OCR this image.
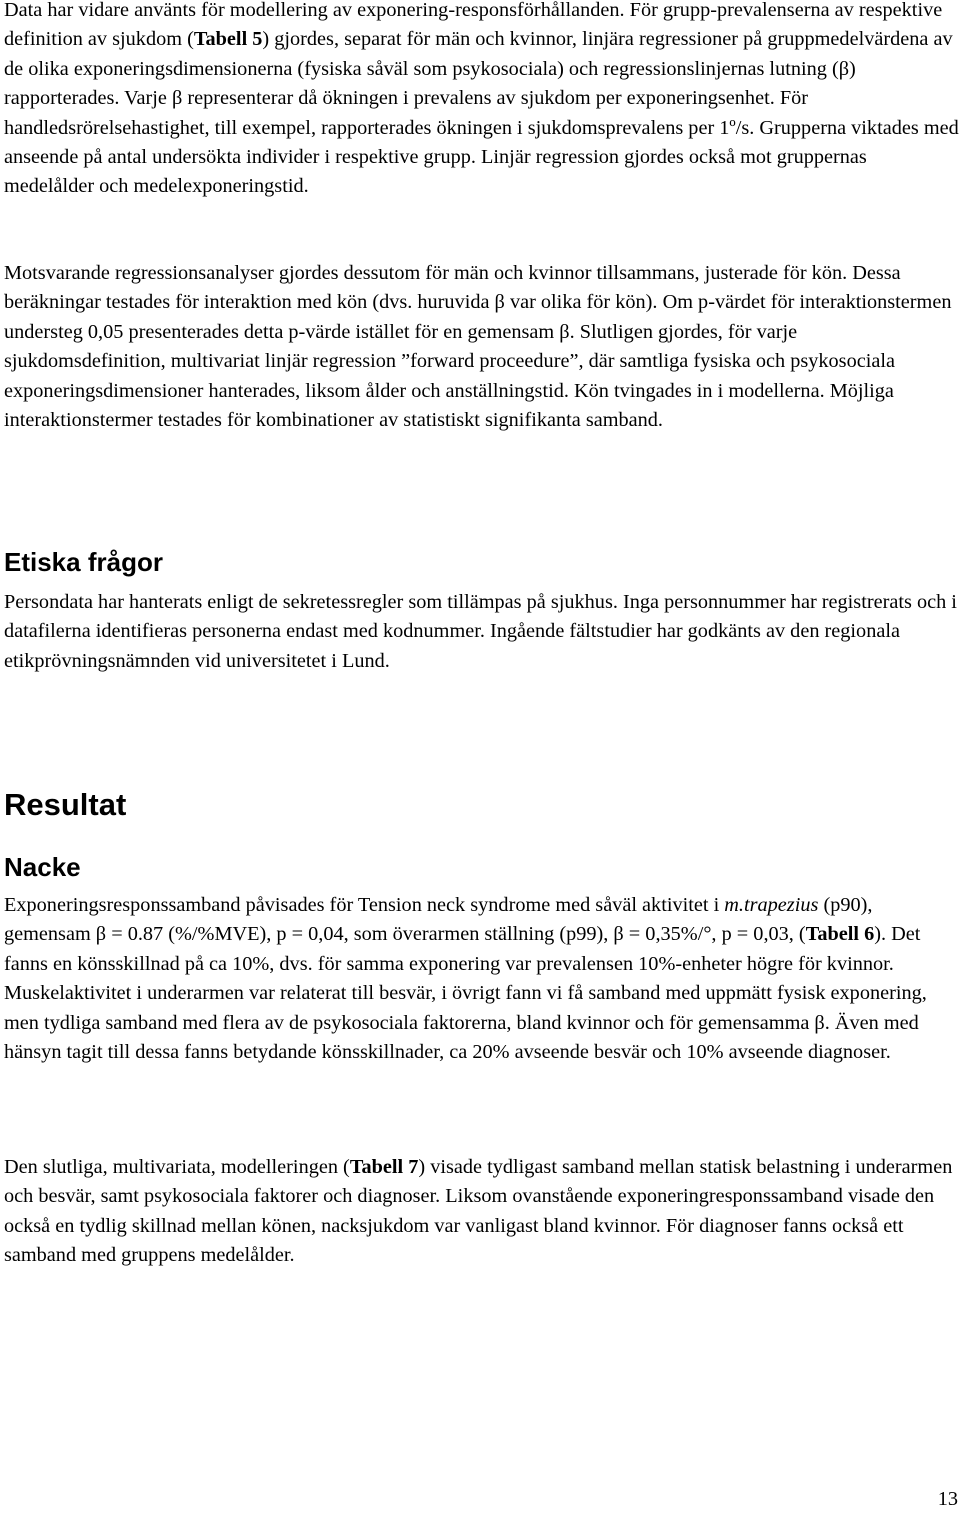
Data har vidare använts för modellering av exponering-responsförhållanden. För grupp-prevalenserna av respektive definition av sjukdom (Tabell 5) gjordes, separat för män och kvinnor, linjära regressioner på gruppmedelvärdena av de olika exponeringsdimensionerna (fysiska såväl som psykosociala) och regressionslinjernas lutning (β) rapporterades. Varje β representerar då ökningen i prevalens av sjukdom per exponeringsenhet. För handledsrörelsehastighet, till exempel, rapporterades ökningen i sjukdomsprevalens per 1º/s. Grupperna viktades med anseende på antal undersökta individer i respektive grupp. Linjär regression gjordes också mot gruppernas medelålder och medelexponeringstid.

Motsvarande regressionsanalyser gjordes dessutom för män och kvinnor tillsammans, justerade för kön. Dessa beräkningar testades för interaktion med kön (dvs. huruvida β var olika för kön). Om p-värdet för interaktionstermen understeg 0,05 presenterades detta p-värde istället för en gemensam β. Slutligen gjordes, för varje sjukdomsdefinition, multivariat linjär regression ”forward proceedure”, där samtliga fysiska och psykosociala exponeringsdimensioner hanterades, liksom ålder och anställningstid. Kön tvingades in i modellerna. Möjliga interaktionstermer testades för kombinationer av statistiskt signifikanta samband.

Etiska frågor

Persondata har hanterats enligt de sekretessregler som tillämpas på sjukhus. Inga personnummer har registrerats och i datafilerna identifieras personerna endast med kodnummer. Ingående fältstudier har godkänts av den regionala etikprövningsnämnden vid universitetet i Lund.

Resultat
Nacke

Exponeringsresponssamband påvisades för Tension neck syndrome med såväl aktivitet i m.trapezius (p90), gemensam β = 0.87 (%/%MVE), p = 0,04, som överarmen ställning (p99), β = 0,35%/°, p = 0,03, (Tabell 6). Det fanns en könsskillnad på ca 10%, dvs. för samma exponering var prevalensen 10%-enheter högre för kvinnor. Muskelaktivitet i underarmen var relaterat till besvär, i övrigt fann vi få samband med uppmätt fysisk exponering, men tydliga samband med flera av de psykosociala faktorerna, bland kvinnor och för gemensamma β. Även med hänsyn tagit till dessa fanns betydande könsskillnader, ca 20% avseende besvär och 10% avseende diagnoser.

Den slutliga, multivariata, modelleringen (Tabell 7) visade tydligast samband mellan statisk belastning i underarmen och besvär, samt psykosociala faktorer och diagnoser. Liksom ovanstående exponeringresponssamband visade den också en tydlig skillnad mellan könen, nacksjukdom var vanligast bland kvinnor. För diagnoser fanns också ett samband med gruppens medelålder.

13
